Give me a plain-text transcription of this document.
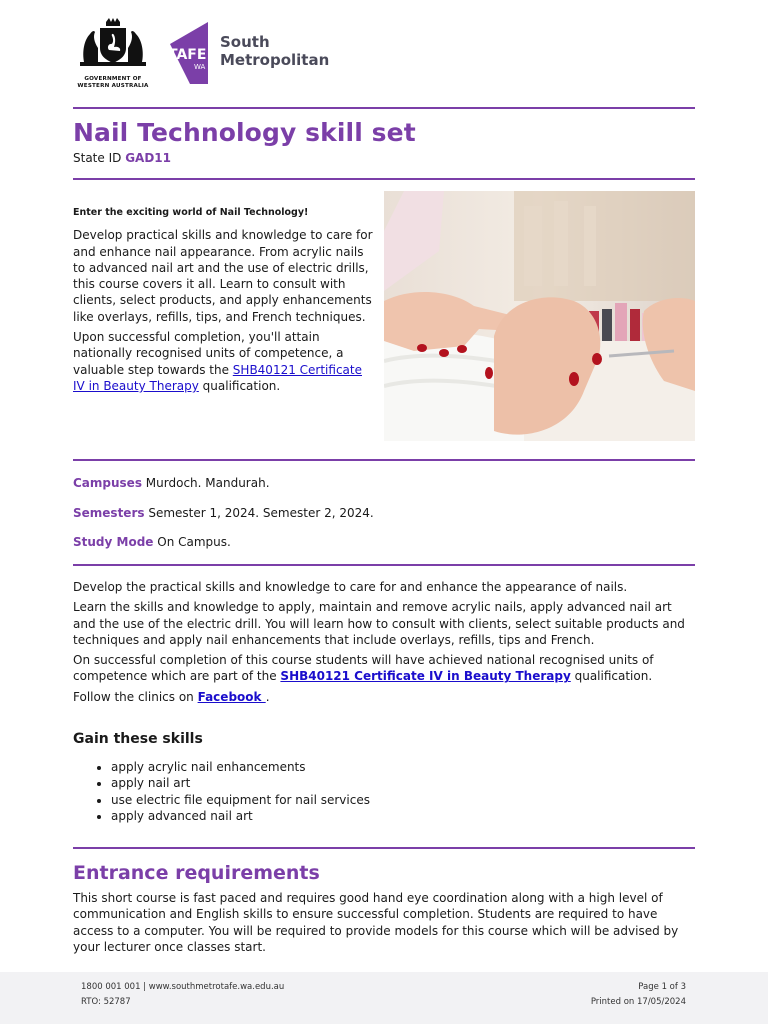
GOVERNMENT OF
WESTERN AUSTRALIA
TAFE
WA
South
Metropolitan
Nail Technology skill set
State ID GAD11
Enter the exciting world of Nail Technology!

Develop practical skills and knowledge to care for and enhance nail appearance. From acrylic nails to advanced nail art and the use of electric drills, this course covers it all. Learn to consult with clients, select products, and apply enhancements like overlays, refills, tips, and French techniques.

Upon successful completion, you'll attain nationally recognised units of competence, a valuable step towards the SHB40121 Certificate IV in Beauty Therapy qualification.

Campuses Murdoch. Mandurah.
Semesters Semester 1, 2024. Semester 2, 2024.
Study Mode On Campus.

Develop the practical skills and knowledge to care for and enhance the appearance of nails.

Learn the skills and knowledge to apply, maintain and remove acrylic nails, apply advanced nail art and the use of the electric drill. You will learn how to consult with clients, select suitable products and techniques and apply nail enhancements that include overlays, refills, tips and French.

On successful completion of this course students will have achieved national recognised units of competence which are part of the SHB40121 Certificate IV in Beauty Therapy qualification.

Follow the clinics on Facebook .

Gain these skills
• apply acrylic nail enhancements
• apply nail art
• use electric file equipment for nail services
• apply advanced nail art
Entrance requirements
This short course is fast paced and requires good hand eye coordination along with a high level of communication and English skills to ensure successful completion. Students are required to have access to a computer. You will be required to provide models for this course which will be advised by your lecturer once classes start.
1800 001 001 | www.southmetrotafe.wa.edu.au
RTO: 52787
Page 1 of 3
Printed on 17/05/2024
